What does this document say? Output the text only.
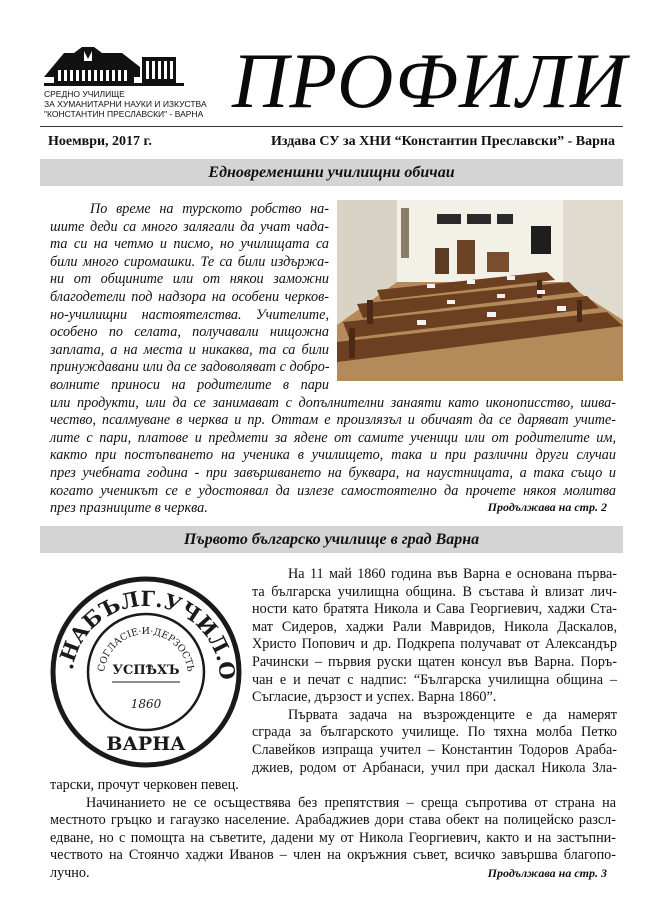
СРЕДНО УЧИЛИЩЕ
ЗА ХУМАНИТАРНИ НАУКИ И ИЗКУСТВА
"КОНСТАНТИН ПРЕСЛАВСКИ" - ВАРНА ПРОФИЛИ
Ноември, 2017 г.	Издава СУ за ХНИ “Константин Преславски” - Варна
Едновременшни училищни обичаи
По време на турското робство на-
шите деди са много залягали да учат чада-
та си на четмо и писмо, но училищата са
били много сиромашки. Те са били издържа-
ни от общините или от някои заможни
благодетели под надзора на особени черков-
но-училищни настоятелства. Учителите,
особено по селата, получавали нищожна
заплата, а на места и никаква, та са били
принуждавани или да се задоволяват с добро-
волните приноси на родителите в пари
или продукти, или да се занимават с допълнителни занаяти като иконописство, шива-
чество, псалмуване в черква и пр. Оттам е произлязъл и обичаят да се даряват учите-
лите с пари, платове и предмети за ядене от самите ученици или от родителите им,
както при постъпването на ученика в училището, така и при различни други случаи
през учебната година - при завършването на буквара, на наустницата, а така също и
когато ученикът се е удостоявал да излезе самостоятелно да прочете някоя молитва
през празниците в черква.	Продължава на стр. 2
Първото българско училище в град Варна
.НАБЪЛГ.УЧИЛ.О
СОГЛАСІЕ·И·ДЕРЗОСТЬ
УСПѢХЪ
1860
ВАРНА
На 11 май 1860 година във Варна е основана първа-
та българска училищна община. В състава ѝ влизат лич-
ности като братята Никола и Сава Георгиевич, хаджи Ста-
мат Сидеров, хаджи Рали Мавридов, Никола Даскалов,
Христо Попович и др. Подкрепа получават от Александър
Рачински – първия руски щатен консул във Варна. Поръ-
чан е и печат с надпис: “Българска училищна община –
Съгласие, дързост и успех. Варна 1860”.
Първата задача на възрожденците е да намерят
сграда за българското училище. По тяхна молба Петко
Славейков изпраща учител – Константин Тодоров Араба-
джиев, родом от Арбанаси, учил при даскал Никола Зла-
тарски, прочут черковен певец.
Начинанието не се осъществява без препятствия – среща съпротива от страна на
местното гръцко и гагаузко население. Арабаджиев дори става обект на полицейско разсл-
едване, но с помощта на съветите, дадени му от Никола Георгиевич, както и на застъпни-
чеството на Стоянчо хаджи Иванов – член на окръжния съвет, всичко завършва благопо-
лучно.	Продължава на стр. 3
